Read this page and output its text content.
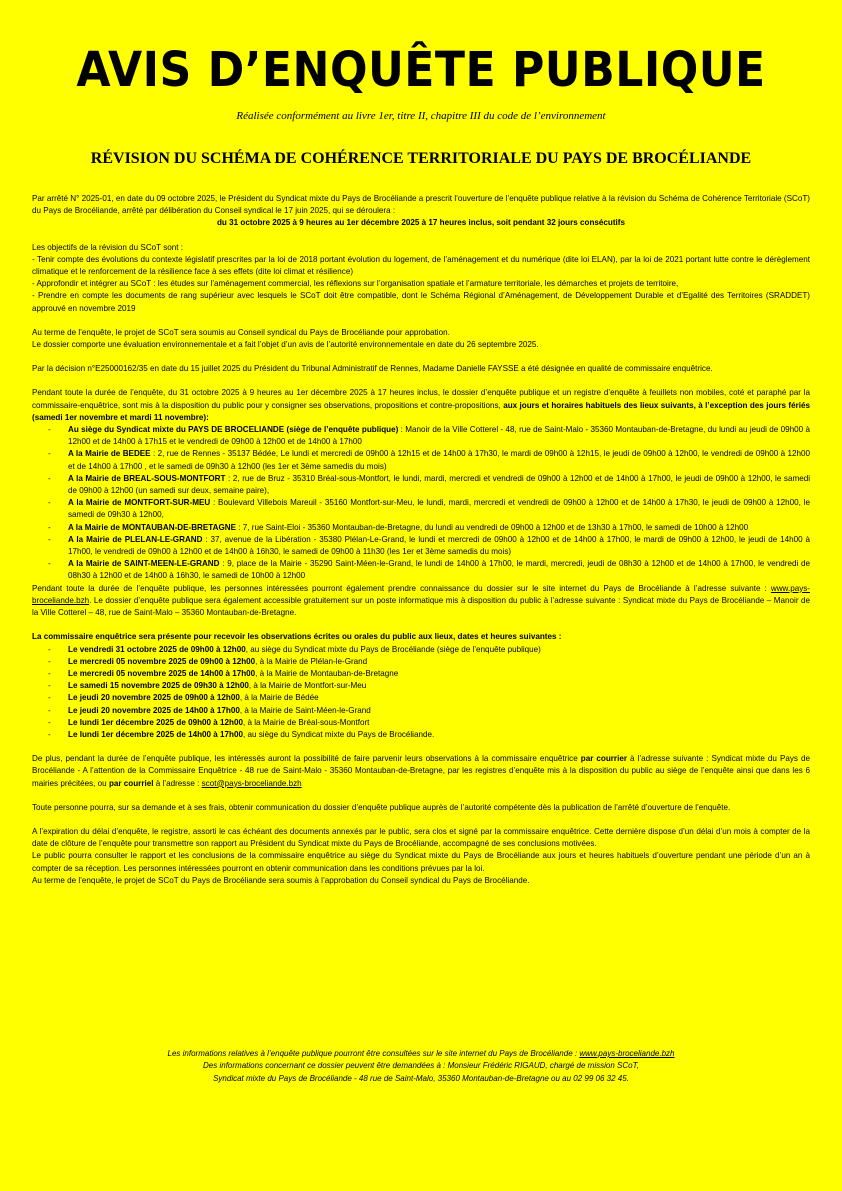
AVIS D’ENQUÊTE PUBLIQUE
Réalisée conformément au livre 1er, titre II, chapitre III du code de l’environnement
RÉVISION DU SCHÉMA DE COHÉRENCE TERRITORIALE DU PAYS DE BROCÉLIANDE

Par arrêté N° 2025-01, en date du 09 octobre 2025, le Président du Syndicat mixte du Pays de Brocéliande a prescrit l’ouverture de l’enquête publique relative à la révision du Schéma de Cohérence Territoriale (SCoT) du Pays de Brocéliande, arrêté par délibération du Conseil syndical le 17 juin 2025, qui se déroulera :

du 31 octobre 2025 à 9 heures au 1er décembre 2025 à 17 heures inclus, soit pendant 32 jours consécutifs

Les objectifs de la révision du SCoT sont :
- Tenir compte des évolutions du contexte législatif prescrites par la loi de 2018 portant évolution du logement, de l’aménagement et du numérique (dite loi ELAN), par la loi de 2021 portant lutte contre le dérèglement climatique et le renforcement de la résilience face à ses effets (dite loi climat et résilience)
- Approfondir et intégrer au SCoT : les études sur l’aménagement commercial, les réflexions sur l’organisation spatiale et l’armature territoriale, les démarches et projets de territoire,
- Prendre en compte les documents de rang supérieur avec lesquels le SCoT doit être compatible, dont le Schéma Régional d’Aménagement, de Développement Durable et d’Egalité des Territoires (SRADDET) approuvé en novembre 2019
Au terme de l’enquête, le projet de SCoT sera soumis au Conseil syndical du Pays de Brocéliande pour approbation.

Le dossier comporte une évaluation environnementale et a fait l’objet d’un avis de l’autorité environnementale en date du 26 septembre 2025.

Par la décision n°E25000162/35 en date du 15 juillet 2025 du Président du Tribunal Administratif de Rennes, Madame Danielle FAYSSE a été désignée en qualité de commissaire enquêtrice.

Pendant toute la durée de l’enquête, du 31 octobre 2025 à 9 heures au 1er décembre 2025 à 17 heures inclus, le dossier d’enquête publique et un registre d’enquête à feuillets non mobiles, coté et paraphé par la commissaire-enquêtrice, sont mis à la disposition du public pour y consigner ses observations, propositions et contre-propositions, aux jours et horaires habituels des lieux suivants, à l’exception des jours fériés (samedi 1er novembre et mardi 11 novembre):
- Au siège du Syndicat mixte du PAYS DE BROCELIANDE (siège de l’enquête publique) : Manoir de la Ville Cotterel - 48, rue de Saint-Malo - 35360 Montauban-de-Bretagne, du lundi au jeudi de 09h00 à 12h00 et de 14h00 à 17h15 et le vendredi de 09h00 à 12h00 et de 14h00 à 17h00
- A la Mairie de BEDEE : 2, rue de Rennes - 35137 Bédée, Le lundi et mercredi de 09h00 à 12h15 et de 14h00 à 17h30, le mardi de 09h00 à 12h15, le jeudi de 09h00 à 12h00, le vendredi de 09h00 à 12h00 et de 14h00 à 17h00 , et le samedi de 09h30 à 12h00 (les 1er et 3ème samedis du mois)
- A la Mairie de BREAL-SOUS-MONTFORT : 2, rue de Bruz - 35310 Bréal-sous-Montfort, le lundi, mardi, mercredi et vendredi de 09h00 à 12h00 et de 14h00 à 17h00, le jeudi de 09h00 à 12h00, le samedi de 09h00 à 12h00 (un samedi sur deux, semaine paire),
- A la Mairie de MONTFORT-SUR-MEU : Boulevard Villebois Mareuil - 35160 Montfort-sur-Meu, le lundi, mardi, mercredi et vendredi de 09h00 à 12h00 et de 14h00 à 17h30, le jeudi de 09h00 à 12h00, le samedi de 09h30 à 12h00,
- A la Mairie de MONTAUBAN-DE-BRETAGNE : 7, rue Saint-Eloi - 35360 Montauban-de-Bretagne, du lundi au vendredi de 09h00 à 12h00 et de 13h30 à 17h00, le samedi de 10h00 à 12h00
- A la Mairie de PLELAN-LE-GRAND : 37, avenue de la Libération - 35380 Plélan-Le-Grand, le lundi et mercredi de 09h00 à 12h00 et de 14h00 à 17h00, le mardi de 09h00 à 12h00, le jeudi de 14h00 à 17h00, le vendredi de 09h00 à 12h00 et de 14h00 à 16h30, le samedi de 09h00 à 11h30 (les 1er et 3ème samedis du mois)
- A la Mairie de SAINT-MEEN-LE-GRAND : 9, place de la Mairie - 35290 Saint-Méen-le-Grand, le lundi de 14h00 à 17h00, le mardi, mercredi, jeudi de 08h30 à 12h00 et de 14h00 à 17h00, le vendredi de 08h30 à 12h00 et de 14h00 à 16h30, le samedi de 10h00 à 12h00

Pendant toute la durée de l’enquête publique, les personnes intéressées pourront également prendre connaissance du dossier sur le site internet du Pays de Brocéliande à l’adresse suivante : www.pays-broceliande.bzh. Le dossier d’enquête publique sera également accessible gratuitement sur un poste informatique mis à disposition du public à l’adresse suivante : Syndicat mixte du Pays de Brocéliande – Manoir de la Ville Cotterel – 48, rue de Saint-Malo – 35360 Montauban-de-Bretagne.

La commissaire enquêtrice sera présente pour recevoir les observations écrites ou orales du public aux lieux, dates et heures suivantes :
- Le vendredi 31 octobre 2025 de 09h00 à 12h00, au siège du Syndicat mixte du Pays de Brocéliande (siège de l’enquête publique)
- Le mercredi 05 novembre 2025 de 09h00 à 12h00, à la Mairie de Plélan-le-Grand
- Le mercredi 05 novembre 2025 de 14h00 à 17h00, à la Mairie de Montauban-de-Bretagne
- Le samedi 15 novembre 2025 de 09h30 à 12h00, à la Mairie de Montfort-sur-Meu
- Le jeudi 20 novembre 2025 de 09h00 à 12h00, à la Mairie de Bédée
- Le jeudi 20 novembre 2025 de 14h00 à 17h00, à la Mairie de Saint-Méen-le-Grand
- Le lundi 1er décembre 2025 de 09h00 à 12h00, à la Mairie de Bréal-sous-Montfort
- Le lundi 1er décembre 2025 de 14h00 à 17h00, au siège du Syndicat mixte du Pays de Brocéliande.

De plus, pendant la durée de l’enquête publique, les intéressés auront la possibilité de faire parvenir leurs observations à la commissaire enquêtrice par courrier à l’adresse suivante : Syndicat mixte du Pays de Brocéliande - A l’attention de la Commissaire Enquêtrice - 48 rue de Saint-Malo - 35360 Montauban-de-Bretagne, par les registres d’enquête mis à la disposition du public au siège de l’enquête ainsi que dans les 6 mairies précitées, ou par courriel à l’adresse : scot@pays-broceliande.bzh

Toute personne pourra, sur sa demande et à ses frais, obtenir communication du dossier d’enquête publique auprès de l’autorité compétente dès la publication de l’arrêté d’ouverture de l’enquête.

A l’expiration du délai d’enquête, le registre, assorti le cas échéant des documents annexés par le public, sera clos et signé par la commissaire enquêtrice. Cette dernière dispose d’un délai d’un mois à compter de la date de clôture de l’enquête pour transmettre son rapport au Président du Syndicat mixte du Pays de Brocéliande, accompagné de ses conclusions motivées.
Le public pourra consulter le rapport et les conclusions de la commissaire enquêtrice au siège du Syndicat mixte du Pays de Brocéliande aux jours et heures habituels d’ouverture pendant une période d’un an à compter de sa réception. Les personnes intéressées pourront en obtenir communication dans les conditions prévues par la loi.
Au terme de l’enquête, le projet de SCoT du Pays de Brocéliande sera soumis à l’approbation du Conseil syndical du Pays de Brocéliande.
Les informations relatives à l’enquête publique pourront être consultées sur le site internet du Pays de Brocéliande : www.pays-broceliande.bzh
Des informations concernant ce dossier peuvent être demandées à : Monsieur Frédéric RIGAUD, chargé de mission SCoT,
Syndicat mixte du Pays de Brocéliande - 48 rue de Saint-Malo, 35360 Montauban-de-Bretagne ou au 02 99 06 32 45.
